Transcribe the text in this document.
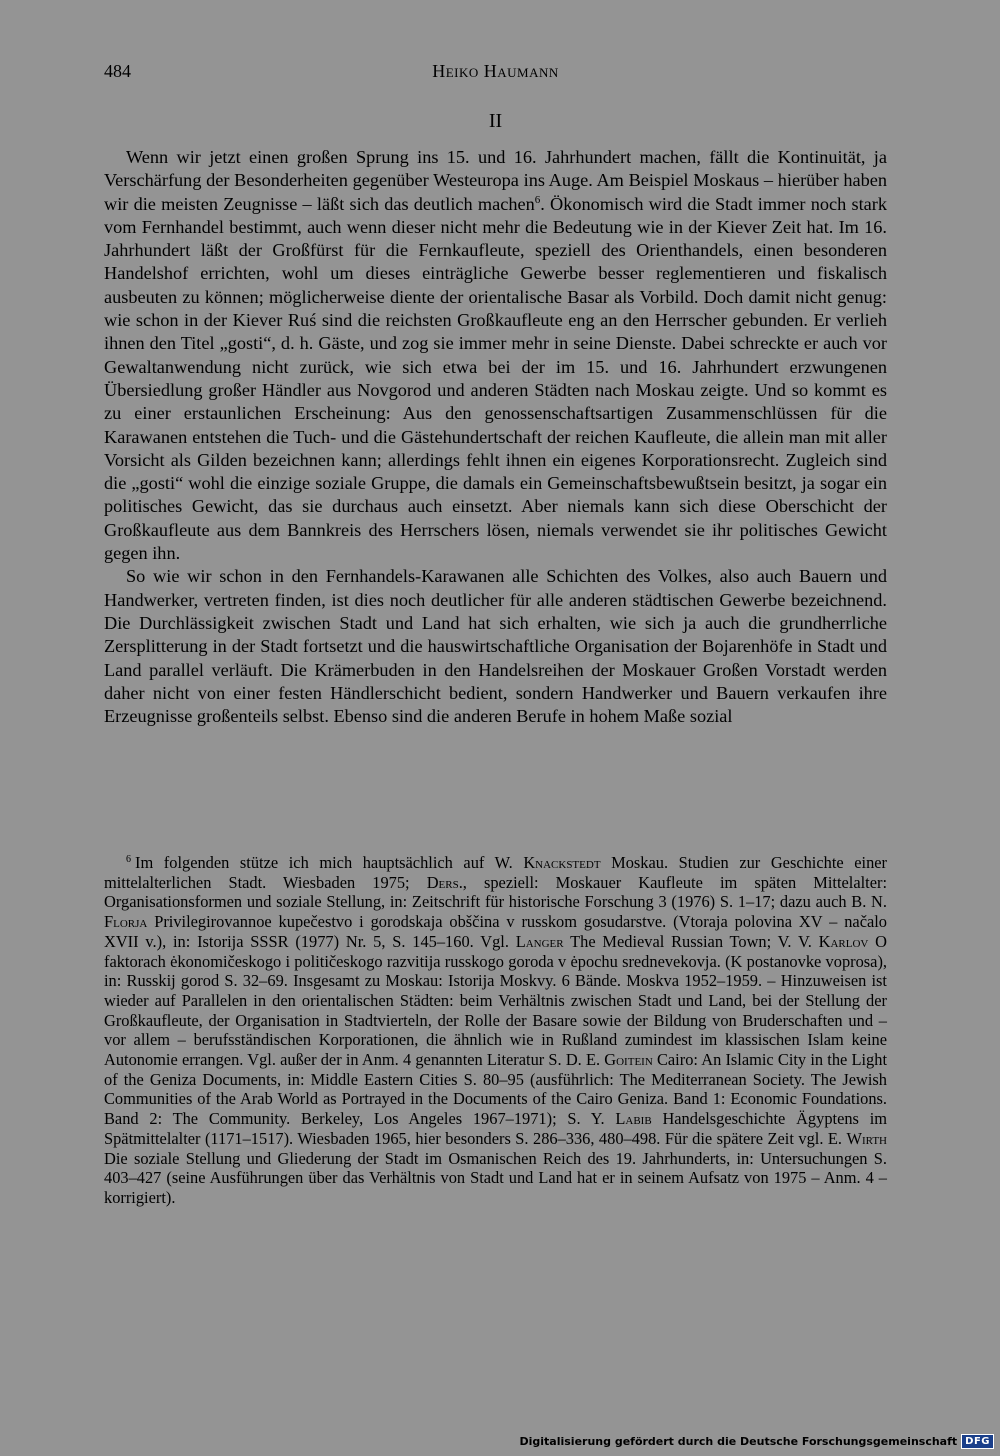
484	Heiko Haumann
II

Wenn wir jetzt einen großen Sprung ins 15. und 16. Jahrhundert machen, fällt die Kontinuität, ja Verschärfung der Besonderheiten gegenüber Westeuropa ins Auge. Am Beispiel Moskaus – hierüber haben wir die meisten Zeugnisse – läßt sich das deutlich machen$^6$. Ökonomisch wird die Stadt immer noch stark vom Fernhandel bestimmt, auch wenn dieser nicht mehr die Bedeutung wie in der Kiever Zeit hat. Im 16. Jahrhundert läßt der Großfürst für die Fernkaufleute, speziell des Orienthandels, einen besonderen Handelshof errichten, wohl um dieses einträgliche Gewerbe besser reglementieren und fiskalisch ausbeuten zu können; möglicherweise diente der orientalische Basar als Vorbild. Doch damit nicht genug: wie schon in der Kiever Ruś sind die reichsten Großkaufleute eng an den Herrscher gebunden. Er verlieh ihnen den Titel „gosti“, d. h. Gäste, und zog sie immer mehr in seine Dienste. Dabei schreckte er auch vor Gewaltanwendung nicht zurück, wie sich etwa bei der im 15. und 16. Jahrhundert erzwungenen Übersiedlung großer Händler aus Novgorod und anderen Städten nach Moskau zeigte. Und so kommt es zu einer erstaunlichen Erscheinung: Aus den genossenschaftsartigen Zusammenschlüssen für die Karawanen entstehen die Tuch- und die Gästehundertschaft der reichen Kaufleute, die allein man mit aller Vorsicht als Gilden bezeichnen kann; allerdings fehlt ihnen ein eigenes Korporationsrecht. Zugleich sind die „gosti“ wohl die einzige soziale Gruppe, die damals ein Gemeinschaftsbewußtsein besitzt, ja sogar ein politisches Gewicht, das sie durchaus auch einsetzt. Aber niemals kann sich diese Oberschicht der Großkaufleute aus dem Bannkreis des Herrschers lösen, niemals verwendet sie ihr politisches Gewicht gegen ihn.

So wie wir schon in den Fernhandels-Karawanen alle Schichten des Volkes, also auch Bauern und Handwerker, vertreten finden, ist dies noch deutlicher für alle anderen städtischen Gewerbe bezeichnend. Die Durchlässigkeit zwischen Stadt und Land hat sich erhalten, wie sich ja auch die grundherrliche Zersplitterung in der Stadt fortsetzt und die hauswirtschaftliche Organisation der Bojarenhöfe in Stadt und Land parallel verläuft. Die Krämerbuden in den Handelsreihen der Moskauer Großen Vorstadt werden daher nicht von einer festen Händlerschicht bedient, sondern Handwerker und Bauern verkaufen ihre Erzeugnisse großenteils selbst. Ebenso sind die anderen Berufe in hohem Maße sozial

$^6$ Im folgenden stütze ich mich hauptsächlich auf W. Knackstedt Moskau. Studien zur Geschichte einer mittelalterlichen Stadt. Wiesbaden 1975; Ders., speziell: Moskauer Kaufleute im späten Mittelalter: Organisationsformen und soziale Stellung, in: Zeitschrift für historische Forschung 3 (1976) S. 1–17; dazu auch B. N. Florja Privilegirovannoe kupečestvo i gorodskaja obščina v russkom gosudarstve. (Vtoraja polovina XV – načalo XVII v.), in: Istorija SSSR (1977) Nr. 5, S. 145–160. Vgl. Langer The Medieval Russian Town; V. V. Karlov O faktorach ėkonomičeskogo i političeskogo razvitija russkogo goroda v ėpochu srednevekovja. (K postanovke voprosa), in: Russkij gorod S. 32–69. Insgesamt zu Moskau: Istorija Moskvy. 6 Bände. Moskva 1952–1959. – Hinzuweisen ist wieder auf Parallelen in den orientalischen Städten: beim Verhältnis zwischen Stadt und Land, bei der Stellung der Großkaufleute, der Organisation in Stadtvierteln, der Rolle der Basare sowie der Bildung von Bruderschaften und – vor allem – berufsständischen Korporationen, die ähnlich wie in Rußland zumindest im klassischen Islam keine Autonomie errangen. Vgl. außer der in Anm. 4 genannten Literatur S. D. E. Goitein Cairo: An Islamic City in the Light of the Geniza Documents, in: Middle Eastern Cities S. 80–95 (ausführlich: The Mediterranean Society. The Jewish Communities of the Arab World as Portrayed in the Documents of the Cairo Geniza. Band 1: Economic Foundations. Band 2: The Community. Berkeley, Los Angeles 1967–1971); S. Y. Labib Handelsgeschichte Ägyptens im Spätmittelalter (1171–1517). Wiesbaden 1965, hier besonders S. 286–336, 480–498. Für die spätere Zeit vgl. E. Wirth Die soziale Stellung und Gliederung der Stadt im Osmanischen Reich des 19. Jahrhunderts, in: Untersuchungen S. 403–427 (seine Ausführungen über das Verhältnis von Stadt und Land hat er in seinem Aufsatz von 1975 – Anm. 4 – korrigiert).
Digitalisierung gefördert durch die Deutsche Forschungsgemeinschaft DFG
